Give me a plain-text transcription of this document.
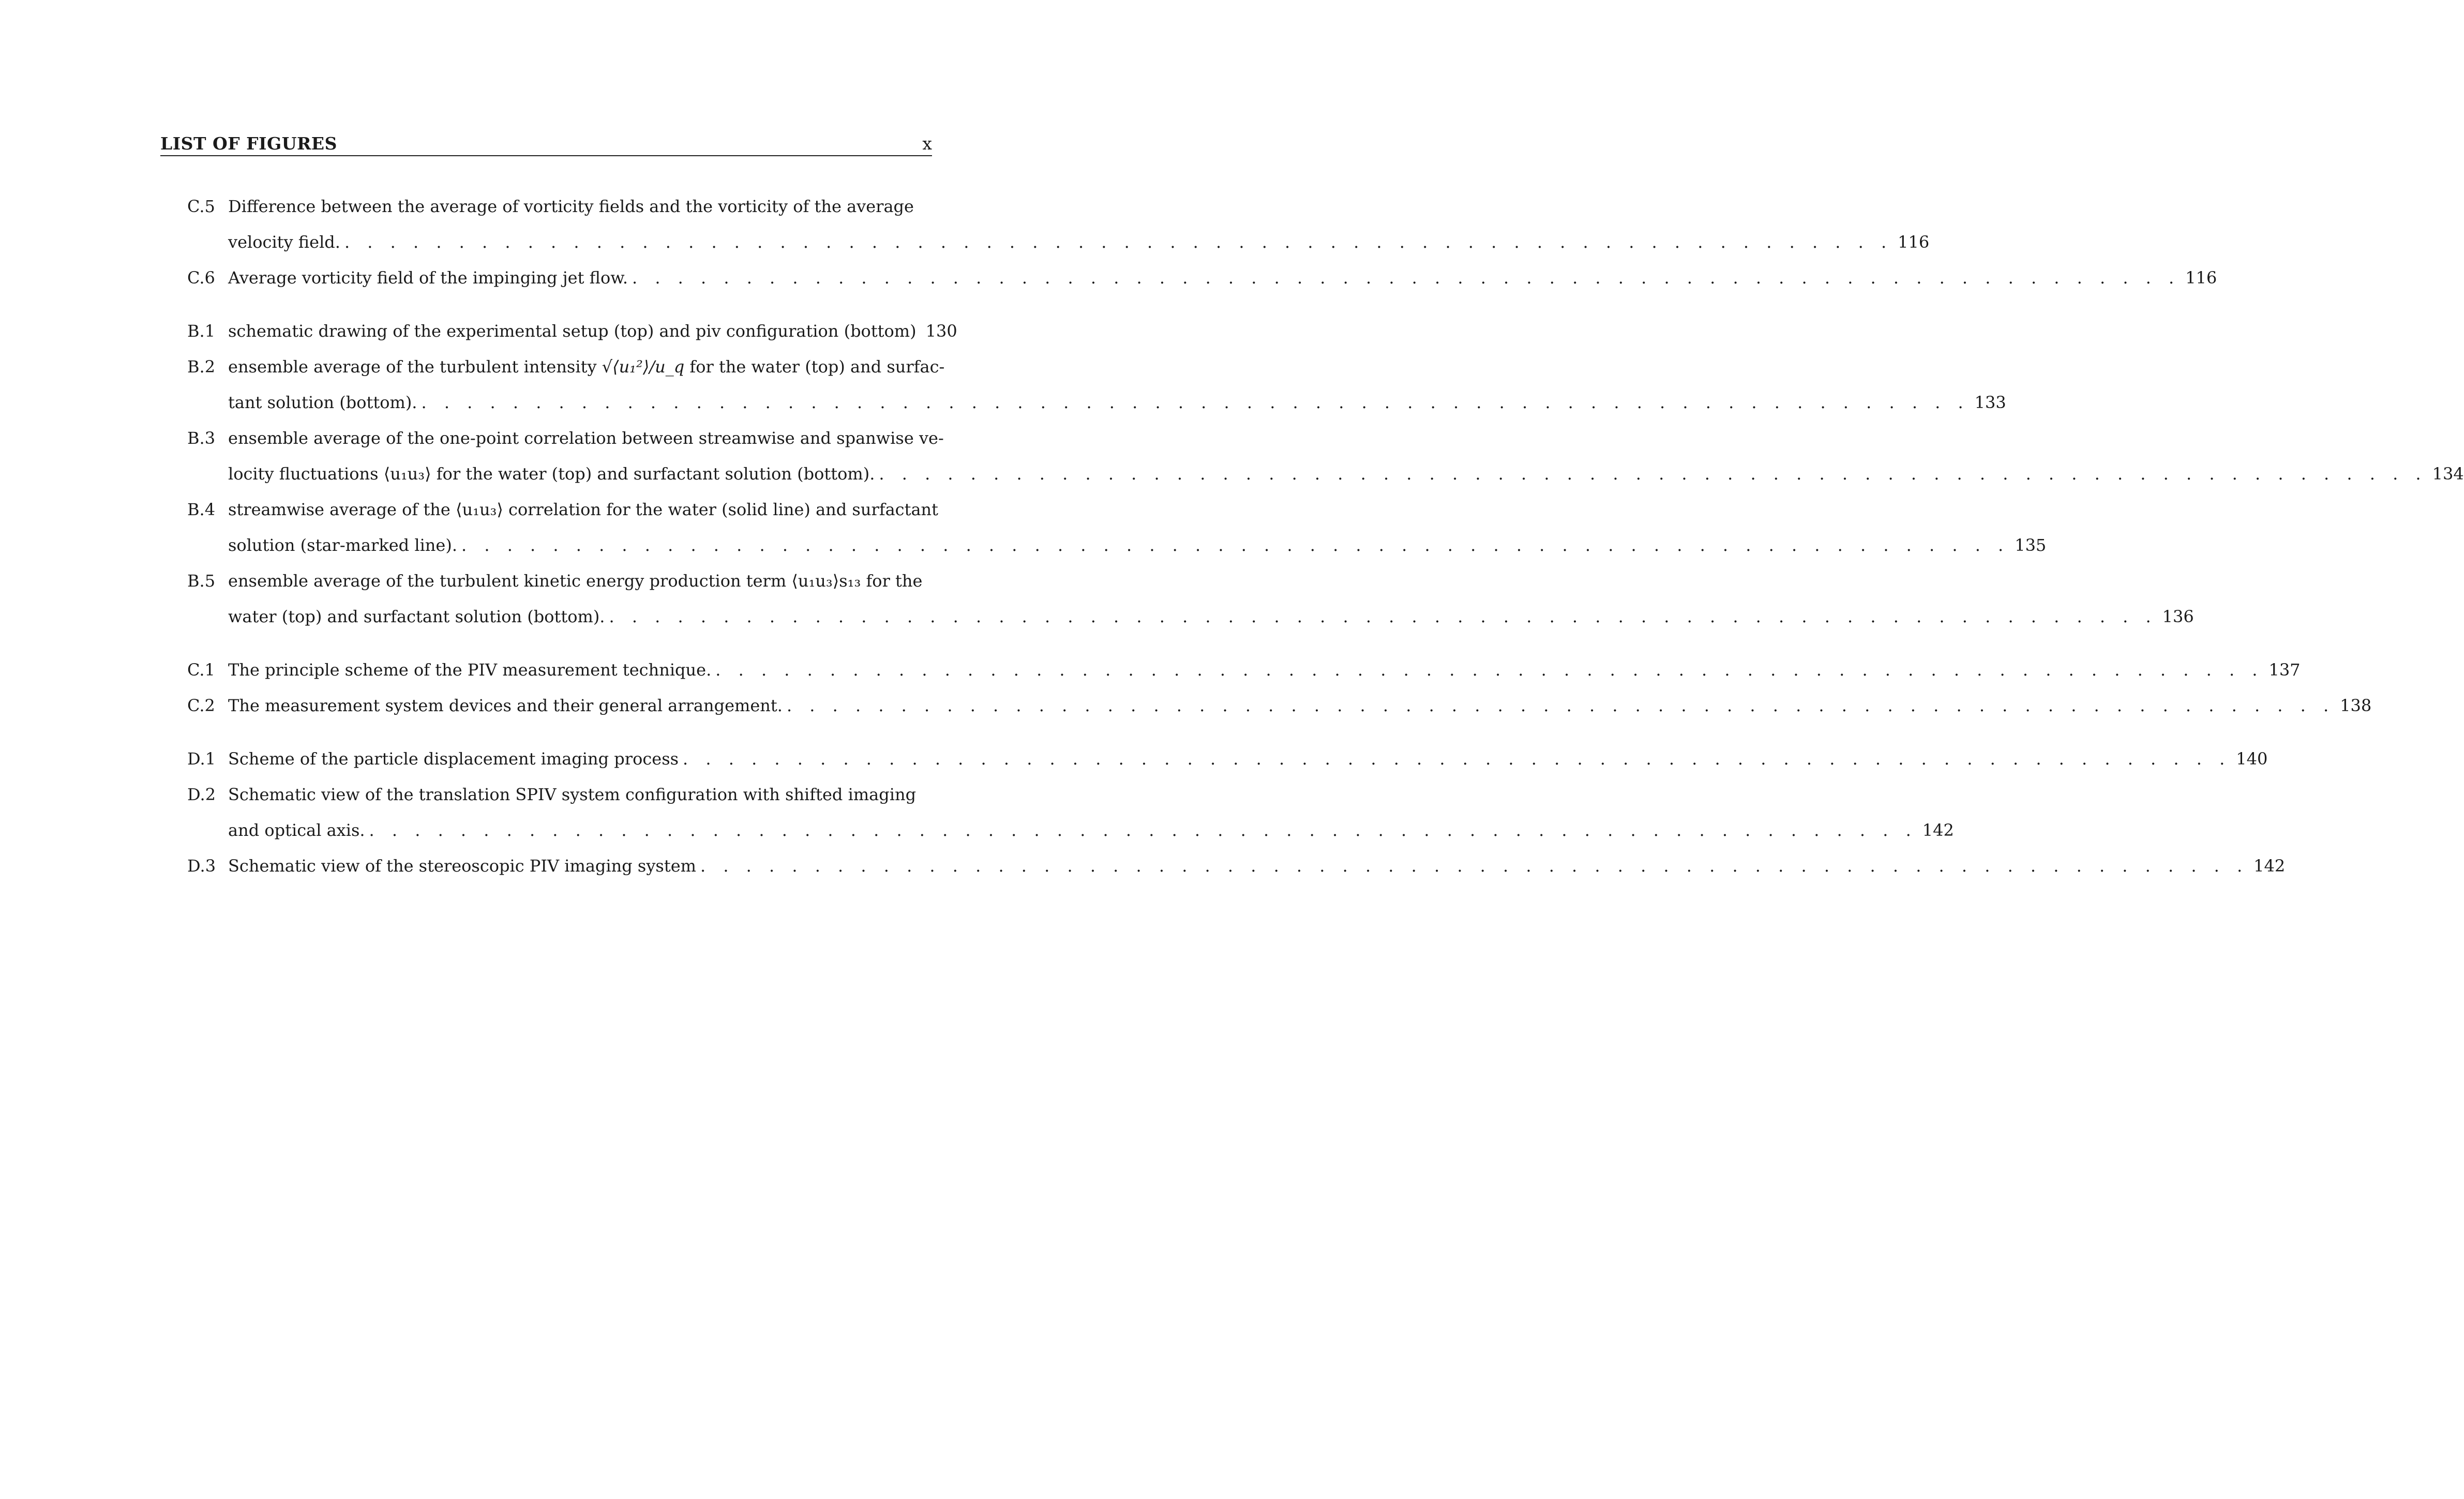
LIST OF FIGURES	x
C.5 Difference between the average of vorticity fields and the vorticity of the average
velocity field. . . . . . . . . . . . . . . . . . . . . . . . . . . . . . . . . . . . . . . . . . . . . . . . . . . . . . . . . . . . . . . . . . . . . 116
C.6 Average vorticity field of the impinging jet flow. . . . . . . . . . . . . . . . . . . . . . . . . . . . . . . . . . . . . . . . . . . . . . . . . . . . . . . . . . . . . . . . . . . . . 116
B.1 schematic drawing of the experimental setup (top) and piv configuration (bottom) 130
B.2 ensemble average of the turbulent intensity √⟨u₁²⟩/u_q for the water (top) and surfac-
tant solution (bottom). . . . . . . . . . . . . . . . . . . . . . . . . . . . . . . . . . . . . . . . . . . . . . . . . . . . . . . . . . . . . . . . . . . . . 133
B.3 ensemble average of the one-point correlation between streamwise and spanwise ve-
locity fluctuations ⟨u₁u₃⟩ for the water (top) and surfactant solution (bottom). . . . . . . . . . . . . . . . . . . . . . . . . . . . . . . . . . . . . . . . . . . . . . . . . . . . . . . . . . . . . . . . . . . . . 134
B.4 streamwise average of the ⟨u₁u₃⟩ correlation for the water (solid line) and surfactant
solution (star-marked line). . . . . . . . . . . . . . . . . . . . . . . . . . . . . . . . . . . . . . . . . . . . . . . . . . . . . . . . . . . . . . . . . . . . . 135
B.5 ensemble average of the turbulent kinetic energy production term ⟨u₁u₃⟩s₁₃ for the
water (top) and surfactant solution (bottom). . . . . . . . . . . . . . . . . . . . . . . . . . . . . . . . . . . . . . . . . . . . . . . . . . . . . . . . . . . . . . . . . . . . . 136
C.1 The principle scheme of the PIV measurement technique. . . . . . . . . . . . . . . . . . . . . . . . . . . . . . . . . . . . . . . . . . . . . . . . . . . . . . . . . . . . . . . . . . . . . 137
C.2 The measurement system devices and their general arrangement. . . . . . . . . . . . . . . . . . . . . . . . . . . . . . . . . . . . . . . . . . . . . . . . . . . . . . . . . . . . . . . . . . . . . 138
D.1 Scheme of the particle displacement imaging process . . . . . . . . . . . . . . . . . . . . . . . . . . . . . . . . . . . . . . . . . . . . . . . . . . . . . . . . . . . . . . . . . . . . 140
D.2 Schematic view of the translation SPIV system configuration with shifted imaging
and optical axis. . . . . . . . . . . . . . . . . . . . . . . . . . . . . . . . . . . . . . . . . . . . . . . . . . . . . . . . . . . . . . . . . . . . . 142
D.3 Schematic view of the stereoscopic PIV imaging system . . . . . . . . . . . . . . . . . . . . . . . . . . . . . . . . . . . . . . . . . . . . . . . . . . . . . . . . . . . . . . . . . . . . 142
